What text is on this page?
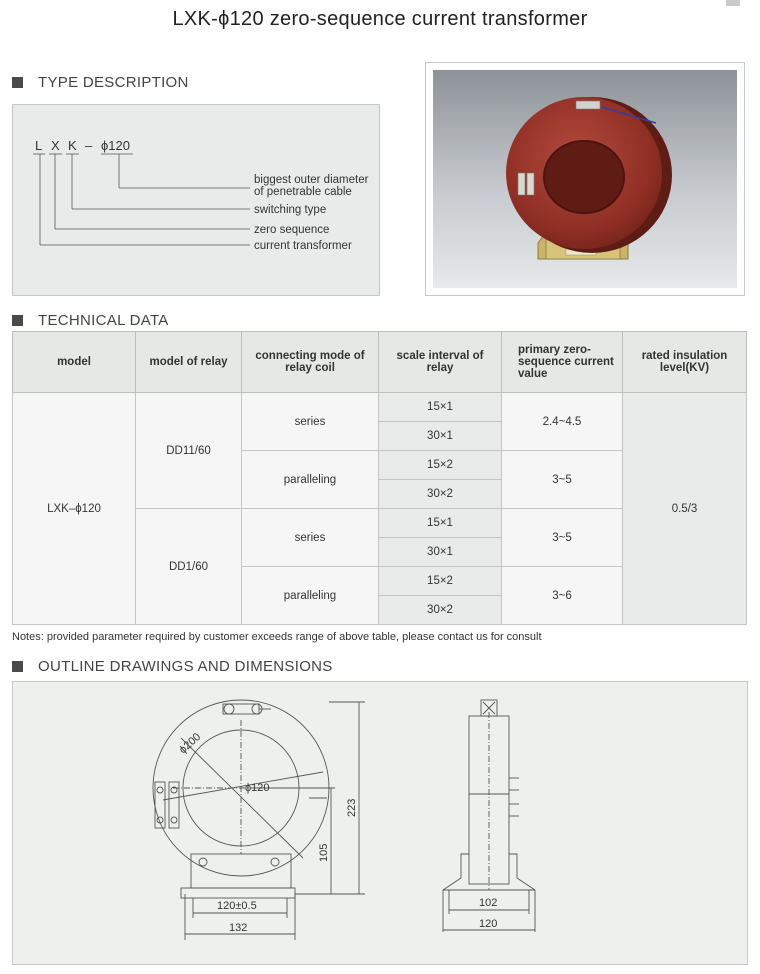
LXK-ϕ120 zero-sequence current transformer
TYPE DESCRIPTION
L X K – ϕ120
biggest outer diameter
of penetrable cable
switching type
zero sequence
current transformer
TECHNICAL DATA
model	model of relay	connecting mode of relay coil	scale interval of relay	primary zero-sequence current value	rated insulation level(KV)
LXK–ϕ120	DD11/60	series	15×1	2.4~4.5	0.5/3
			30×1		
		paralleling	15×2	3~5	
			30×2		
	DD1/60	series	15×1	3~5	
			30×1		
		paralleling	15×2	3~6	
			30×2		
Notes: provided parameter required by customer exceeds range of above table, please contact us for consult
OUTLINE DRAWINGS AND DIMENSIONS
ϕ200
ϕ120
223
105
120±0.5
132
102
120
